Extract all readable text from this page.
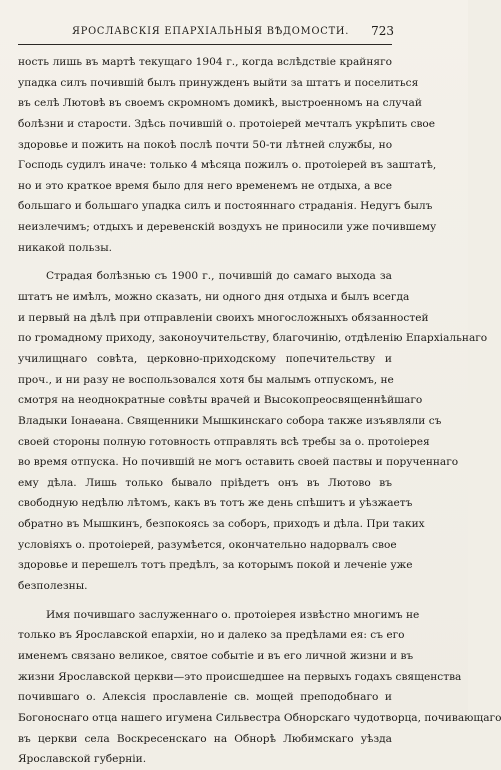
ЯРОСЛАВСКІЯ ЕПАРХІАЛЬНЫЯ ВѢДОМОСТИ. 723
ность лишь въ мартѣ текущаго 1904 г., когда вслѣдствіе крайняго
упадка силъ почившій былъ принужденъ выйти за штатъ и поселиться
въ селѣ Лютовѣ въ своемъ скромномъ домикѣ, выстроенномъ на случай
болѣзни и старости. Здѣсь почившій о. протоіерей мечталъ укрѣпить свое
здоровье и пожить на покоѣ послѣ почти 50-ти лѣтней службы, но
Господь судилъ иначе: только 4 мѣсяца пожилъ о. протоіерей въ заштатѣ,
но и это краткое время было для него временемъ не отдыха, а все
большаго и большаго упадка силъ и постояннаго страданія. Недугъ былъ
неизлечимъ; отдыхъ и деревенскій воздухъ не приносили уже почившему
никакой пользы.
Страдая болѣзнью съ 1900 г., почившій до самаго выхода за
штатъ не имѣлъ, можно сказать, ни одного дня отдыха и былъ всегда
и первый на дѣлѣ при отправленіи своихъ многосложныхъ обязанностей
по громадному приходу, законоучительству, благочинію, отдѣленію Епархіальнаго
училищнаго совѣта, церковно-приходскому попечительству и
проч., и ни разу не воспользовался хотя бы малымъ отпускомъ, не
смотря на неоднократные совѣты врачей и Высокопреосвященнѣйшаго
Владыки Іонаѳана. Священники Мышкинскаго собора также изъявляли съ
своей стороны полную готовность отправлять всѣ требы за о. протоіерея
во время отпуска. Но почившій не могъ оставить своей паствы и порученнаго
ему дѣла. Лишь только бывало пріѣдетъ онъ въ Лютово въ
свободную недѣлю лѣтомъ, какъ въ тотъ же день спѣшитъ и уѣзжаетъ
обратно въ Мышкинъ, безпокоясь за соборъ, приходъ и дѣла. При таких
условіяхъ о. протоіерей, разумѣется, окончательно надорвалъ свое
здоровье и перешелъ тотъ предѣлъ, за которымъ покой и леченіе уже
безполезны.
Имя почившаго заслуженнаго о. протоіерея извѣстно многимъ не
только въ Ярославской епархіи, но и далеко за предѣлами ея: съ его
именемъ связано великое, святое событіе и въ его личной жизни и въ
жизни Ярославской церкви—это происшедшее на первыхъ годахъ священства
почившаго о. Алексія прославленіе св. мощей преподобнаго и
Богоноснаго отца нашего игумена Сильвестра Обнорскаго чудотворца, почивающаго
въ церкви села Воскресенскаго на Обнорѣ Любимскаго уѣзда
Ярославской губерніи.
